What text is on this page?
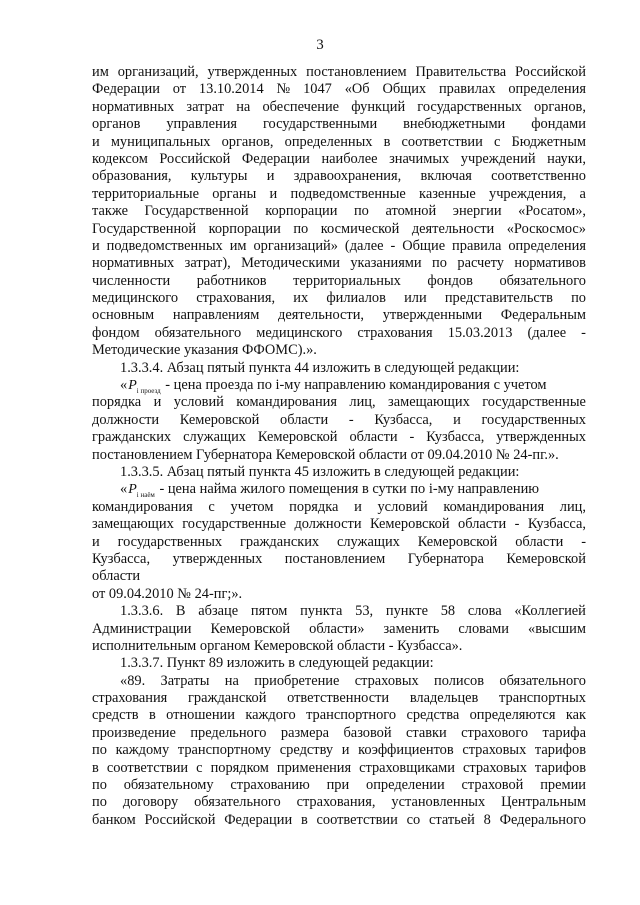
3
им организаций, утвержденных постановлением Правительства Российской
Федерации от 13.10.2014 № 1047 «Об Общих правилах определения
нормативных затрат на обеспечение функций государственных органов,
органов управления государственными внебюджетными фондами
и муниципальных органов, определенных в соответствии с Бюджетным
кодексом Российской Федерации наиболее значимых учреждений науки,
образования, культуры и здравоохранения, включая соответственно
территориальные органы и подведомственные казенные учреждения, а
также Государственной корпорации по атомной энергии «Росатом»,
Государственной корпорации по космической деятельности «Роскосмос»
и подведомственных им организаций» (далее - Общие правила определения
нормативных затрат), Методическими указаниями по расчету нормативов
численности работников территориальных фондов обязательного
медицинского страхования, их филиалов или представительств по
основным направлениям деятельности, утвержденными Федеральным
фондом обязательного медицинского страхования 15.03.2013 (далее -
Методические указания ФФОМС).».
1.3.3.4. Абзац пятый пункта 44 изложить в следующей редакции:
«$P_{i проезд}$ - цена проезда по i-му направлению командирования с учетом
порядка и условий командирования лиц, замещающих государственные
должности Кемеровской области - Кузбасса, и государственных
гражданских служащих Кемеровской области - Кузбасса, утвержденных
постановлением Губернатора Кемеровской области от 09.04.2010 № 24-пг.».
1.3.3.5. Абзац пятый пункта 45 изложить в следующей редакции:
«$P_{i наём}$ - цена найма жилого помещения в сутки по i-му направлению
командирования с учетом порядка и условий командирования лиц,
замещающих государственные должности Кемеровской области - Кузбасса,
и государственных гражданских служащих Кемеровской области -
Кузбасса, утвержденных постановлением Губернатора Кемеровской
области
от 09.04.2010 № 24-пг;».
1.3.3.6. В абзаце пятом пункта 53, пункте 58 слова «Коллегией
Администрации Кемеровской области» заменить словами «высшим
исполнительным органом Кемеровской области - Кузбасса».
1.3.3.7. Пункт 89 изложить в следующей редакции:
«89. Затраты на приобретение страховых полисов обязательного
страхования гражданской ответственности владельцев транспортных
средств в отношении каждого транспортного средства определяются как
произведение предельного размера базовой ставки страхового тарифа
по каждому транспортному средству и коэффициентов страховых тарифов
в соответствии с порядком применения страховщиками страховых тарифов
по обязательному страхованию при определении страховой премии
по договору обязательного страхования, установленных Центральным
банком Российской Федерации в соответствии со статьей 8 Федерального
